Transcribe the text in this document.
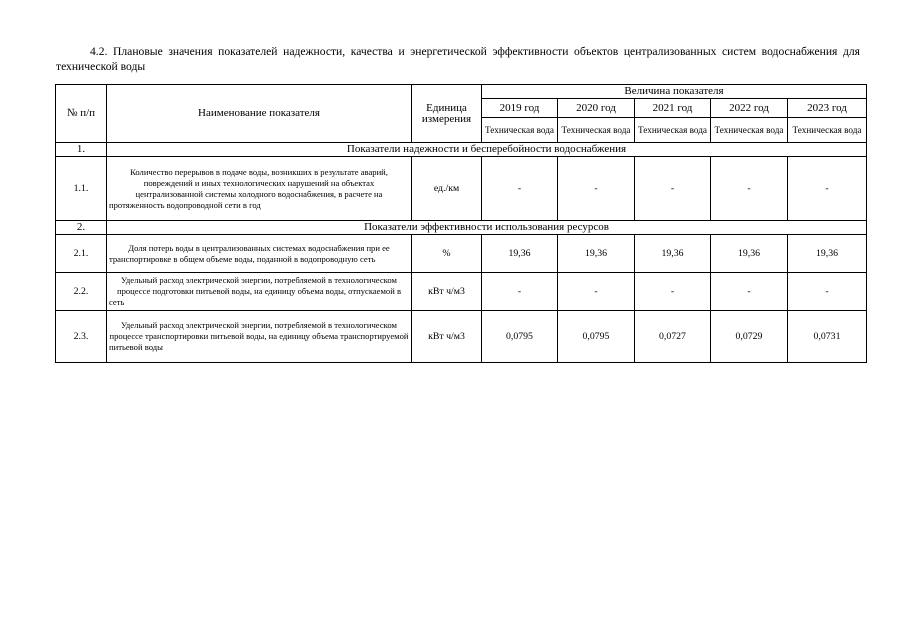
4.2. Плановые значения показателей надежности, качества и энергетической эффективности объектов централизованных систем водоснабжения для технической воды
№ п/п	Наименование показателя	Единица измерения	Величина показателя				
			2019 год	2020 год	2021 год	2022 год	2023 год
			Техническая вода	Техническая вода	Техническая вода	Техническая вода	Техническая вода
1.	Показатели надежности и бесперебойности водоснабжения						
1.1.	Количество перерывов в подаче воды, возникших в результате аварий, повреждений и иных технологических нарушений на объектах централизованной системы холодного водоснабжения, в расчете на протяженность водопроводной сети в год	ед./км	-	-	-	-	-
2.	Показатели эффективности использования ресурсов						
2.1.	Доля потерь воды в централизованных системах водоснабжения при ее транспортировке в общем объеме воды, поданной в водопроводную сеть	%	19,36	19,36	19,36	19,36	19,36
2.2.	Удельный расход электрической энергии, потребляемой в технологическом процессе подготовки питьевой воды, на единицу объема воды, отпускаемой в сеть	кВт ч/м3	-	-	-	-	-
2.3.	Удельный расход электрической энергии, потребляемой в технологическом процессе транспортировки питьевой воды, на единицу объема транспортируемой питьевой воды	кВт ч/м3	0,0795	0,0795	0,0727	0,0729	0,0731
